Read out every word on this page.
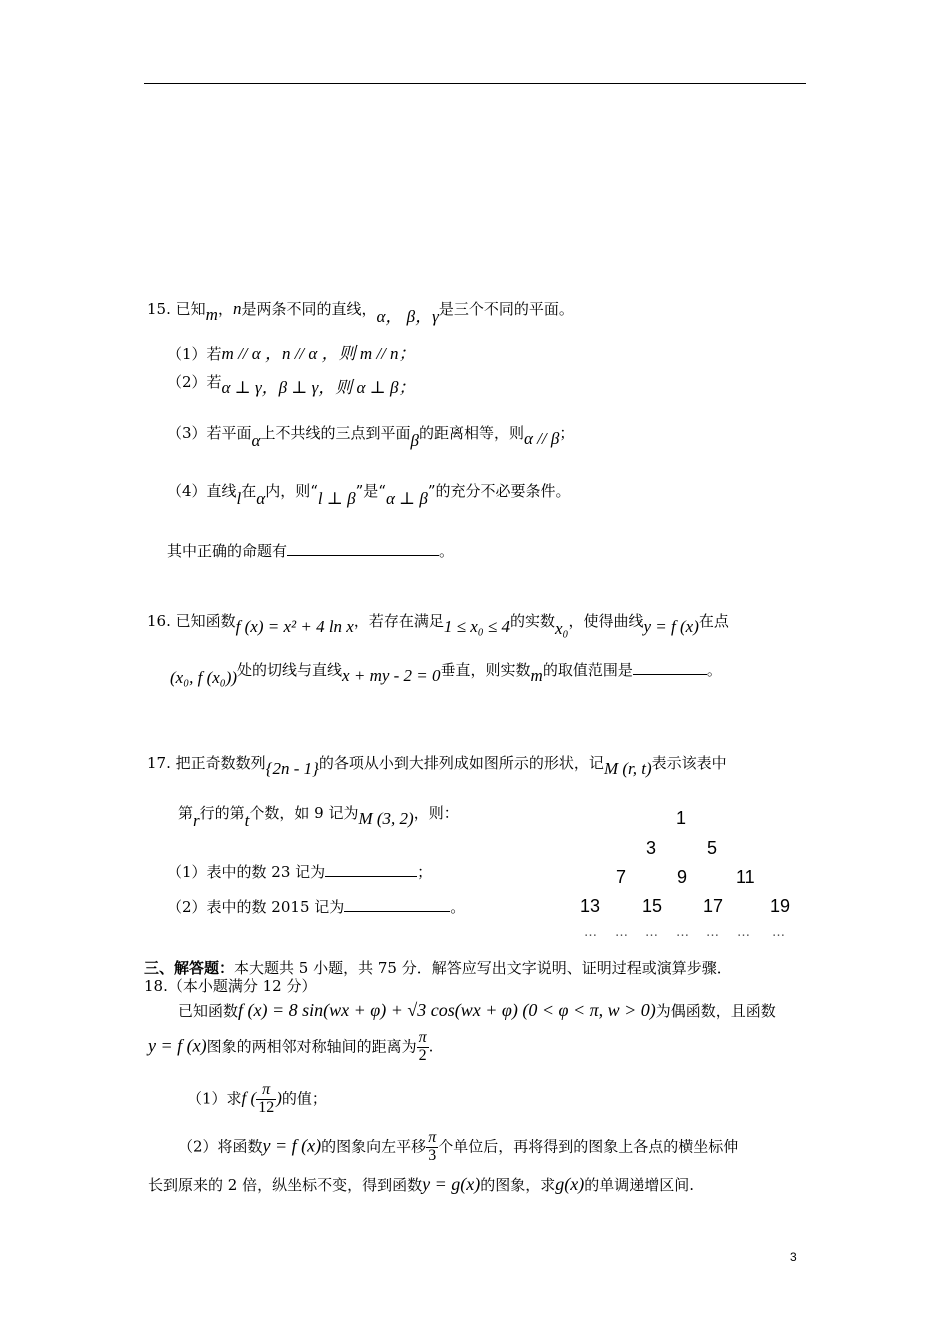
15. 已知m，n是两条不同的直线，α， β，γ是三个不同的平面。
（1）若m // α ，n // α ，则 m // n；
（2）若α ⊥ γ，β ⊥ γ，则 α ⊥ β；
（3）若平面α上不共线的三点到平面β的距离相等，则α // β；
（4）直线l在α内，则“l ⊥ β”是“α ⊥ β”的充分不必要条件。
其中正确的命题有	。
16. 已知函数f (x) = x² + 4 ln x，若存在满足1 ≤ x₀ ≤ 4的实数x₀，使得曲线y = f (x)在点
(x₀, f (x₀))处的切线与直线x + my - 2 = 0垂直，则实数m的取值范围是	。
17. 把正奇数数列{2n - 1}的各项从小到大排列成如图所示的形状，记M (r, t)表示该表中
第r行的第t个数，如 9 记为M (3, 2)，则：
（1）表中的数 23 记为	；
（2）表中的数 2015 记为	。
1
3	5
7	9	11
13 15 17	19
… … … … … … …
三、解答题：本大题共 5 小题，共 75 分．解答应写出文字说明、证明过程或演算步骤．
18.（本小题满分 12 分）
已知函数f (x) = 8 sin(wx + φ) + √3 cos(wx + φ) (0 < φ < π, w > 0)为偶函数，且函数
y = f (x)图象的两相邻对称轴间的距离为 $\frac{\pi}{2}$ .
（1）求f ( $\frac{\pi}{12}$ )的值；
（2）将函数y = f (x)的图象向左平移 $\frac{\pi}{3}$ 个单位后，再将得到的图象上各点的横坐标伸
长到原来的 2 倍，纵坐标不变，得到函数y = g(x)的图象，求g(x)的单调递增区间.
3
